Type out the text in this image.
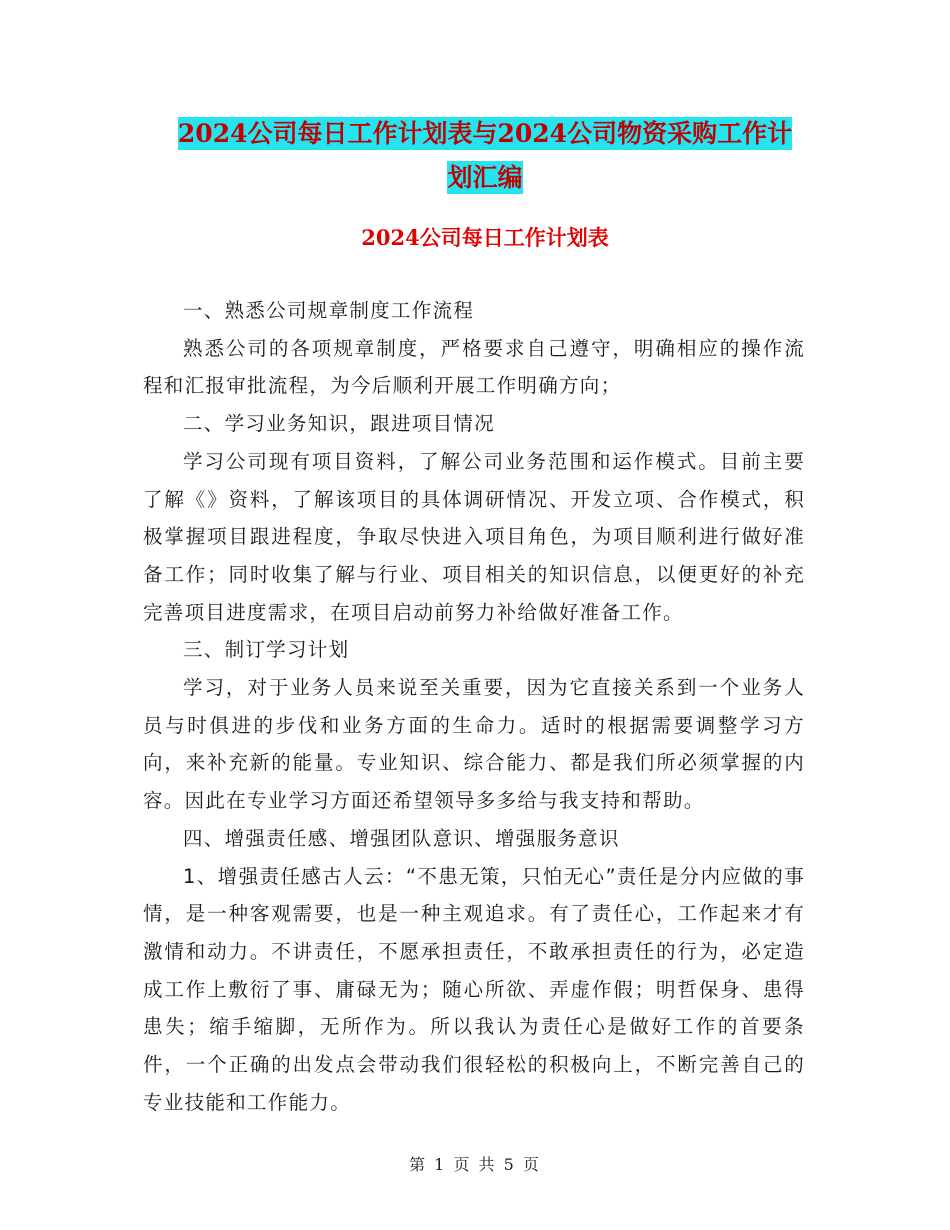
2024公司每日工作计划表与2024公司物资采购工作计
划汇编
2024公司每日工作计划表

一、熟悉公司规章制度工作流程

熟悉公司的各项规章制度，严格要求自己遵守，明确相应的操作流程和汇报审批流程，为今后顺利开展工作明确方向；

二、学习业务知识，跟进项目情况

学习公司现有项目资料，了解公司业务范围和运作模式。目前主要了解《》资料，了解该项目的具体调研情况、开发立项、合作模式，积极掌握项目跟进程度，争取尽快进入项目角色，为项目顺利进行做好准备工作；同时收集了解与行业、项目相关的知识信息，以便更好的补充完善项目进度需求，在项目启动前努力补给做好准备工作。

三、制订学习计划

学习，对于业务人员来说至关重要，因为它直接关系到一个业务人员与时俱进的步伐和业务方面的生命力。适时的根据需要调整学习方向，来补充新的能量。专业知识、综合能力、都是我们所必须掌握的内容。因此在专业学习方面还希望领导多多给与我支持和帮助。

四、增强责任感、增强团队意识、增强服务意识

1、增强责任感古人云：“不患无策，只怕无心”责任是分内应做的事情，是一种客观需要，也是一种主观追求。有了责任心，工作起来才有激情和动力。不讲责任，不愿承担责任，不敢承担责任的行为，必定造成工作上敷衍了事、庸碌无为；随心所欲、弄虚作假；明哲保身、患得患失；缩手缩脚，无所作为。所以我认为责任心是做好工作的首要条件，一个正确的出发点会带动我们很轻松的积极向上，不断完善自己的专业技能和工作能力。

第 1 页 共 5 页
